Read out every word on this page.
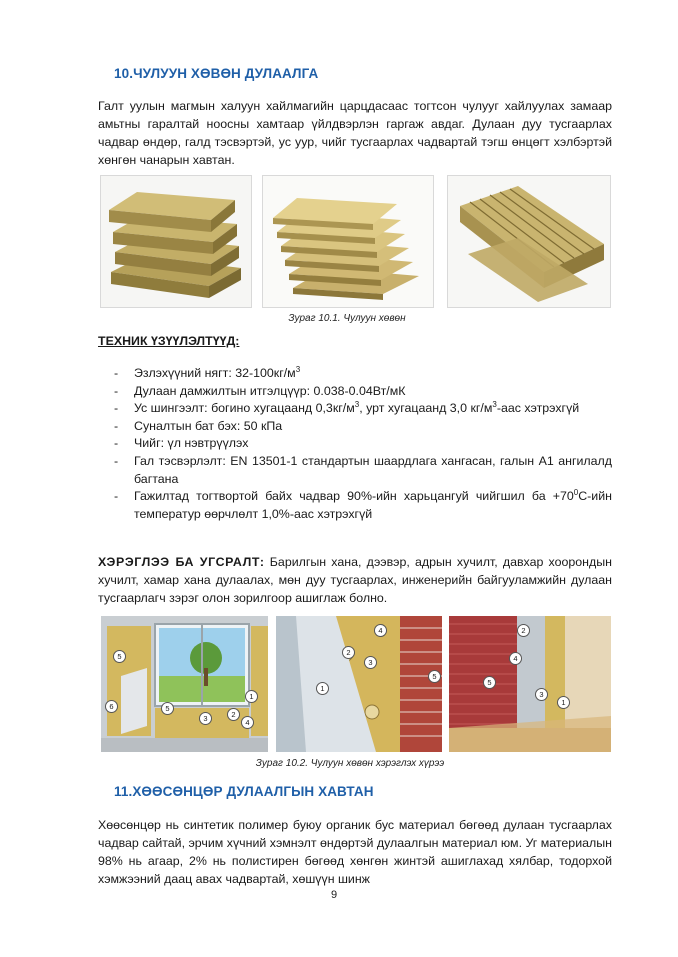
10.ЧУЛУУН ХӨВӨН ДУЛААЛГА

Галт уулын магмын халуун хайлмагийн царцдасаас тогтсон чулууг хайлуулах замаар амьтны гаралтай ноосны хамтаар үйлдвэрлэн гаргаж авдаг. Дулаан дуу тусгаарлах чадвар өндөр, галд тэсвэртэй, ус уур, чийг тусгаарлах чадвартай тэгш өнцөгт хэлбэртэй хөнгөн чанарын хавтан.

Зураг 10.1. Чулуун хөвөн
ТЕХНИК ҮЗҮҮЛЭЛТҮҮД:
- Эзлэхүүний нягт: $32-100кг/м^3$
- Дулаан дамжилтын итгэлцүүр: 0.038-0.04Вт/мК
- Ус шингээлт: богино хугацаанд $0,3кг/м^3$, урт хугацаанд 3,0 $кг/м^3$-аас хэтрэхгүй
- Суналтын бат бэх: 50 кПа
- Чийг: үл нэвтрүүлэх
- Гал тэсвэрлэлт: EN 13501-1 стандартын шаардлага хангасан, галын А1 ангилалд багтана
- Гажилтад тогтвортой байх чадвар 90%-ийн харьцангуй чийгшил ба $+70^0С$-ийн температур өөрчлөлт 1,0%-аас хэтрэхгүй

ХЭРЭГЛЭЭ БА УГСРАЛТ: Барилгын хана, дээвэр, адрын хучилт, давхар хоорондын хучилт, хамар хана дулаалах, мөн дуу тусгаарлах, инженерийн байгууламжийн дулаан тусгаарлагч зэрэг олон зорилгоор ашиглаж болно.

5
6	5
3	2
1
4
4
2
3
5
1
2
4
5
3
1
Зураг 10.2. Чулуун хөвөн хэрэглэх хүрээ
11.ХӨӨСӨНЦӨР ДУЛААЛГЫН ХАВТАН

Хөөсөнцөр нь синтетик полимер буюу органик бус материал бөгөөд дулаан тусгаарлах чадвар сайтай, эрчим хүчний хэмнэлт өндөртэй дулаалгын материал юм. Уг материалын 98% нь агаар, 2% нь полистирен бөгөөд хөнгөн жинтэй ашиглахад хялбар, тодорхой хэмжээний даац авах чадвартай, хөшүүн шинж

9
